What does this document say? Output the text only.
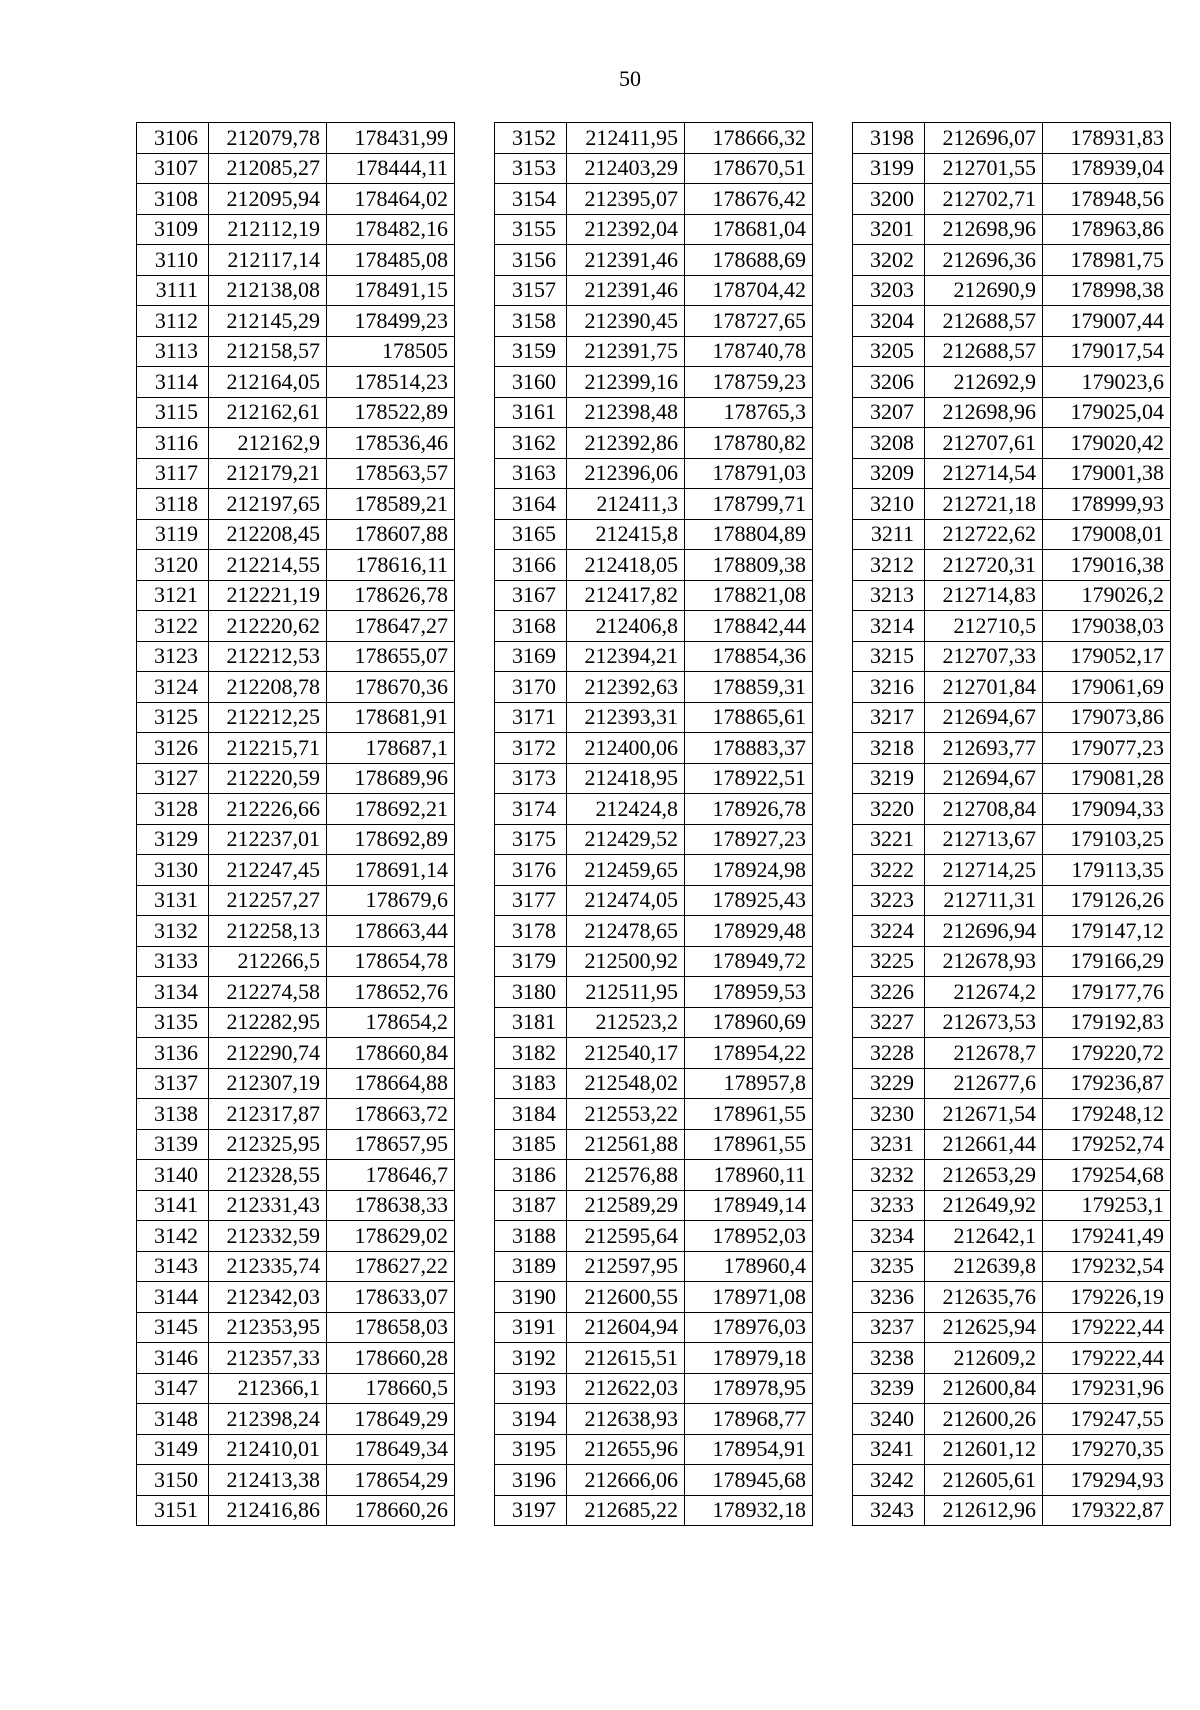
50
3106	212079,78	178431,99
3107	212085,27	178444,11
3108	212095,94	178464,02
3109	212112,19	178482,16
3110	212117,14	178485,08
3111	212138,08	178491,15
3112	212145,29	178499,23
3113	212158,57	178505
3114	212164,05	178514,23
3115	212162,61	178522,89
3116	212162,9	178536,46
3117	212179,21	178563,57
3118	212197,65	178589,21
3119	212208,45	178607,88
3120	212214,55	178616,11
3121	212221,19	178626,78
3122	212220,62	178647,27
3123	212212,53	178655,07
3124	212208,78	178670,36
3125	212212,25	178681,91
3126	212215,71	178687,1
3127	212220,59	178689,96
3128	212226,66	178692,21
3129	212237,01	178692,89
3130	212247,45	178691,14
3131	212257,27	178679,6
3132	212258,13	178663,44
3133	212266,5	178654,78
3134	212274,58	178652,76
3135	212282,95	178654,2
3136	212290,74	178660,84
3137	212307,19	178664,88
3138	212317,87	178663,72
3139	212325,95	178657,95
3140	212328,55	178646,7
3141	212331,43	178638,33
3142	212332,59	178629,02
3143	212335,74	178627,22
3144	212342,03	178633,07
3145	212353,95	178658,03
3146	212357,33	178660,28
3147	212366,1	178660,5
3148	212398,24	178649,29
3149	212410,01	178649,34
3150	212413,38	178654,29
3151	212416,86	178660,26
3152	212411,95	178666,32
3153	212403,29	178670,51
3154	212395,07	178676,42
3155	212392,04	178681,04
3156	212391,46	178688,69
3157	212391,46	178704,42
3158	212390,45	178727,65
3159	212391,75	178740,78
3160	212399,16	178759,23
3161	212398,48	178765,3
3162	212392,86	178780,82
3163	212396,06	178791,03
3164	212411,3	178799,71
3165	212415,8	178804,89
3166	212418,05	178809,38
3167	212417,82	178821,08
3168	212406,8	178842,44
3169	212394,21	178854,36
3170	212392,63	178859,31
3171	212393,31	178865,61
3172	212400,06	178883,37
3173	212418,95	178922,51
3174	212424,8	178926,78
3175	212429,52	178927,23
3176	212459,65	178924,98
3177	212474,05	178925,43
3178	212478,65	178929,48
3179	212500,92	178949,72
3180	212511,95	178959,53
3181	212523,2	178960,69
3182	212540,17	178954,22
3183	212548,02	178957,8
3184	212553,22	178961,55
3185	212561,88	178961,55
3186	212576,88	178960,11
3187	212589,29	178949,14
3188	212595,64	178952,03
3189	212597,95	178960,4
3190	212600,55	178971,08
3191	212604,94	178976,03
3192	212615,51	178979,18
3193	212622,03	178978,95
3194	212638,93	178968,77
3195	212655,96	178954,91
3196	212666,06	178945,68
3197	212685,22	178932,18
3198	212696,07	178931,83
3199	212701,55	178939,04
3200	212702,71	178948,56
3201	212698,96	178963,86
3202	212696,36	178981,75
3203	212690,9	178998,38
3204	212688,57	179007,44
3205	212688,57	179017,54
3206	212692,9	179023,6
3207	212698,96	179025,04
3208	212707,61	179020,42
3209	212714,54	179001,38
3210	212721,18	178999,93
3211	212722,62	179008,01
3212	212720,31	179016,38
3213	212714,83	179026,2
3214	212710,5	179038,03
3215	212707,33	179052,17
3216	212701,84	179061,69
3217	212694,67	179073,86
3218	212693,77	179077,23
3219	212694,67	179081,28
3220	212708,84	179094,33
3221	212713,67	179103,25
3222	212714,25	179113,35
3223	212711,31	179126,26
3224	212696,94	179147,12
3225	212678,93	179166,29
3226	212674,2	179177,76
3227	212673,53	179192,83
3228	212678,7	179220,72
3229	212677,6	179236,87
3230	212671,54	179248,12
3231	212661,44	179252,74
3232	212653,29	179254,68
3233	212649,92	179253,1
3234	212642,1	179241,49
3235	212639,8	179232,54
3236	212635,76	179226,19
3237	212625,94	179222,44
3238	212609,2	179222,44
3239	212600,84	179231,96
3240	212600,26	179247,55
3241	212601,12	179270,35
3242	212605,61	179294,93
3243	212612,96	179322,87
